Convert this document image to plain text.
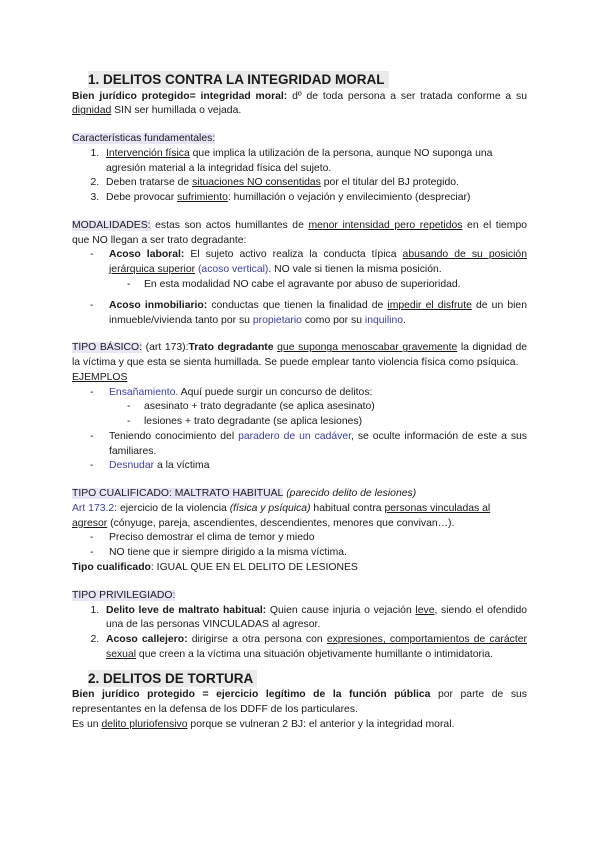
1. DELITOS CONTRA LA INTEGRIDAD MORAL

Bien jurídico protegido= integridad moral: dº de toda persona a ser tratada conforme a su dignidad SIN ser humillada o vejada.

Características fundamentales:

1. Intervención física que implica la utilización de la persona, aunque NO suponga una agresión material a la integridad física del sujeto.
2. Deben tratarse de situaciones NO consentidas por el titular del BJ protegido.
3. Debe provocar sufrimiento: humillación o vejación y envilecimiento (despreciar)

MODALIDADES: estas son actos humillantes de menor intensidad pero repetidos en el tiempo que NO llegan a ser trato degradante:

- Acoso laboral: El sujeto activo realiza la conducta típica abusando de su posición jerárquica superior (acoso vertical). NO vale si tienen la misma posición.
- En esta modalidad NO cabe el agravante por abuso de superioridad.
- Acoso inmobiliario: conductas que tienen la finalidad de impedir el disfrute de un bien inmueble/vivienda tanto por su propietario como por su inquilino.

TIPO BÁSICO: (art 173):Trato degradante que suponga menoscabar gravemente la dignidad de la víctima y que esta se sienta humillada. Se puede emplear tanto violencia física como psíquica.

EJEMPLOS

- Ensañamiento. Aquí puede surgir un concurso de delitos:
- asesinato + trato degradante (se aplica asesinato)
- lesiones + trato degradante (se aplica lesiones)
- Teniendo conocimiento del paradero de un cadáver, se oculte información de este a sus familiares.
- Desnudar a la víctima

TIPO CUALIFICADO: MALTRATO HABITUAL (parecido delito de lesiones)

Art 173.2: ejercicio de la violencia (física y psíquica) habitual contra personas vinculadas al agresor (cónyuge, pareja, ascendientes, descendientes, menores que convivan…).

- Preciso demostrar el clima de temor y miedo
- NO tiene que ir siempre dirigido a la misma víctima.

Tipo cualificado: IGUAL QUE EN EL DELITO DE LESIONES

TIPO PRIVILEGIADO:

1. Delito leve de maltrato habitual: Quien cause injuria o vejación leve, siendo el ofendido una de las personas VINCULADAS al agresor.
2. Acoso callejero: dirigirse a otra persona con expresiones, comportamientos de carácter sexual que creen a la víctima una situación objetivamente humillante o intimidatoria.
2. DELITOS DE TORTURA

Bien jurídico protegido = ejercicio legítimo de la función pública por parte de sus representantes en la defensa de los DDFF de los particulares.

Es un delito pluriofensivo porque se vulneran 2 BJ: el anterior y la integridad moral.
